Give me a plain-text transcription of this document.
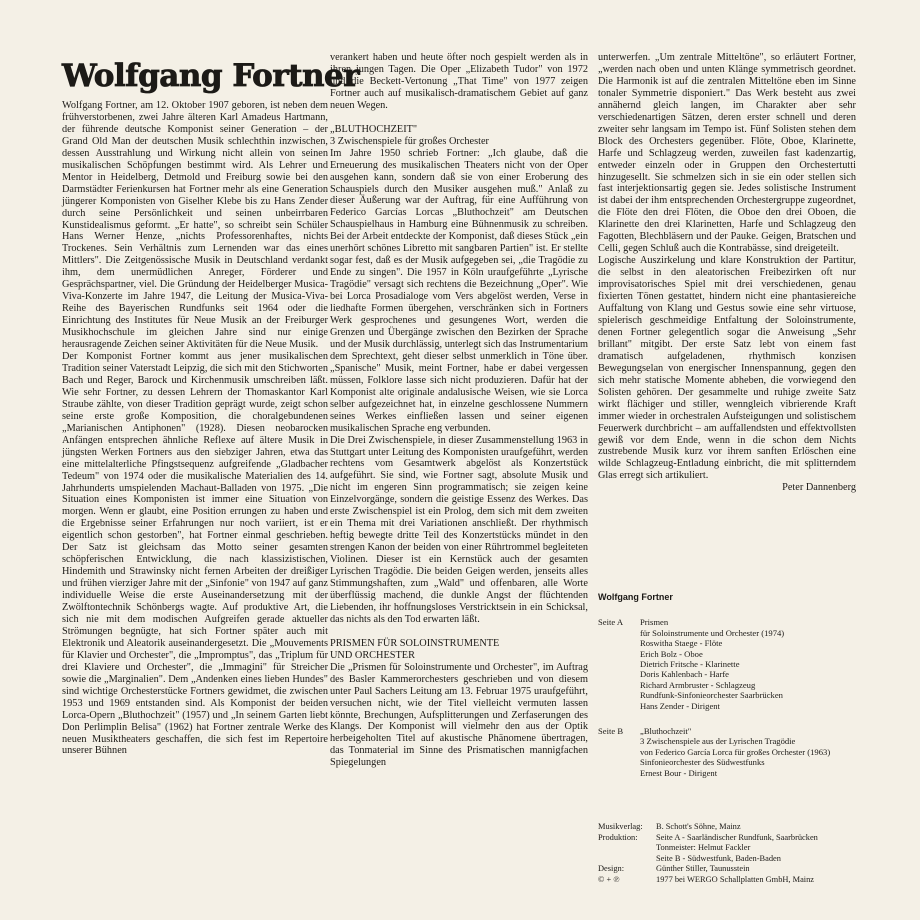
Wolfgang Fortner

Wolfgang Fortner, am 12. Oktober 1907 geboren, ist neben dem frühverstorbenen, zwei Jahre älteren Karl Amadeus Hartmann, der führende deutsche Komponist seiner Generation – der Grand Old Man der deutschen Musik schlechthin inzwischen, dessen Ausstrahlung und Wirkung nicht allein von seinen musikalischen Schöpfungen bestimmt wird. Als Lehrer und Mentor in Heidelberg, Detmold und Freiburg sowie bei den Darmstädter Ferienkursen hat Fortner mehr als eine Generation jüngerer Komponisten von Giselher Klebe bis zu Hans Zender durch seine Persönlichkeit und seinen unbeirrbaren Kunstidealismus geformt. „Er hatte", so schreibt sein Schüler Hans Werner Henze, „nichts Professorenhaftes, nichts Trockenes. Sein Verhältnis zum Lernenden war das eines Mittlers". Die Zeitgenössische Musik in Deutschland verdankt ihm, dem unermüdlichen Anreger, Förderer und Gesprächspartner, viel. Die Gründung der Heidelberger Musica-Viva-Konzerte im Jahre 1947, die Leitung der Musica-Viva-Reihe des Bayerischen Rundfunks seit 1964 oder die Einrichtung des Institutes für Neue Musik an der Freiburger Musikhochschule im gleichen Jahre sind nur einige herausragende Zeichen seiner Aktivitäten für die Neue Musik.

Der Komponist Fortner kommt aus jener musikalischen Tradition seiner Vaterstadt Leipzig, die sich mit den Stichworten Bach und Reger, Barock und Kirchenmusik umschreiben läßt. Wie sehr Fortner, zu dessen Lehrern der Thomaskantor Karl Straube zählte, von dieser Tradition geprägt wurde, zeigt schon seine erste große Komposition, die choralgebundenen „Marianischen Antiphonen" (1928). Diesen neobarocken Anfängen entsprechen ähnliche Reflexe auf ältere Musik in jüngsten Werken Fortners aus den siebziger Jahren, etwa das eine mittelalterliche Pfingstsequenz aufgreifende „Gladbacher Tedeum" von 1974 oder die musikalische Materialien des 14. Jahrhunderts umspielenden Machaut-Balladen von 1975. „Die Situation eines Komponisten ist immer eine Situation von morgen. Wenn er glaubt, eine Position errungen zu haben und die Ergebnisse seiner Erfahrungen nur noch variiert, ist er eigentlich schon gestorben", hat Fortner einmal geschrieben. Der Satz ist gleichsam das Motto seiner gesamten schöpferischen Entwicklung, die nach klassizistischen, Hindemith und Strawinsky nicht fernen Arbeiten der dreißiger und frühen vierziger Jahre mit der „Sinfonie" von 1947 auf ganz individuelle Weise die erste Auseinandersetzung mit der Zwölftontechnik Schönbergs wagte. Auf produktive Art, die sich nie mit dem modischen Aufgreifen gerade aktueller Strömungen begnügte, hat sich Fortner später auch mit Elektronik und Aleatorik auseinandergesetzt. Die „Mouvements für Klavier und Orchester", die „Impromptus", das „Triplum für drei Klaviere und Orchester", die „Immagini" für Streicher sowie die „Marginalien". Dem „Andenken eines lieben Hundes" sind wichtige Orchesterstücke Fortners gewidmet, die zwischen 1953 und 1969 entstanden sind. Als Komponist der beiden Lorca-Opern „Bluthochzeit" (1957) und „In seinem Garten liebt Don Perlimplin Belisa" (1962) hat Fortner zentrale Werke des neuen Musiktheaters geschaffen, die sich fest im Repertoire unserer Bühnen

verankert haben und heute öfter noch gespielt werden als in ihren jungen Tagen. Die Oper „Elizabeth Tudor" von 1972 und die Beckett-Vertonung „That Time" von 1977 zeigen Fortner auch auf musikalisch-dramatischem Gebiet auf ganz neuen Wegen.

„BLUTHOCHZEIT"

3 Zwischenspiele für großes Orchester

Im Jahre 1950 schrieb Fortner: „Ich glaube, daß die Erneuerung des musikalischen Theaters nicht von der Oper ausgehen kann, sondern daß sie von einer Eroberung des Schauspiels durch den Musiker ausgehen muß." Anlaß zu dieser Äußerung war der Auftrag, für eine Aufführung von Federico Garcías Lorcas „Bluthochzeit" am Deutschen Schauspielhaus in Hamburg eine Bühnenmusik zu schreiben. Bei der Arbeit entdeckte der Komponist, daß dieses Stück „ein unerhört schönes Libretto mit sangbaren Partien" ist. Er stellte sogar fest, daß es der Musik aufgegeben sei, „die Tragödie zu Ende zu singen". Die 1957 in Köln uraufgeführte „Lyrische Tragödie" versagt sich rechtens die Bezeichnung „Oper". Wie bei Lorca Prosadialoge vom Vers abgelöst werden, Verse in liedhafte Formen übergehen, verschränken sich in Fortners Werk gesprochenes und gesungenes Wort, werden die Grenzen und Übergänge zwischen den Bezirken der Sprache und der Musik durchlässig, unterlegt sich das Instrumentarium dem Sprechtext, geht dieser selbst unmerklich in Töne über. „Spanische" Musik, meint Fortner, habe er dabei vergessen müssen, Folklore lasse sich nicht produzieren. Dafür hat der Komponist alte originale andalusische Weisen, wie sie Lorca selber aufgezeichnet hat, in einzelne geschlossene Nummern seines Werkes einfließen lassen und seiner eigenen musikalischen Sprache eng verbunden.

Die Drei Zwischenspiele, in dieser Zusammenstellung 1963 in Stuttgart unter Leitung des Komponisten uraufgeführt, werden rechtens vom Gesamtwerk abgelöst als Konzertstück aufgeführt. Sie sind, wie Fortner sagt, absolute Musik und nicht im engeren Sinn programmatisch; sie zeigen keine Einzelvorgänge, sondern die geistige Essenz des Werkes. Das erste Zwischenspiel ist ein Prolog, dem sich mit dem zweiten ein Thema mit drei Variationen anschließt. Der rhythmisch heftig bewegte dritte Teil des Konzertstücks mündet in den strengen Kanon der beiden von einer Rührtrommel begleiteten Violinen. Dieser ist ein Kernstück auch der gesamten Lyrischen Tragödie. Die beiden Geigen werden, jenseits alles Stimmungshaften, zum „Wald" und offenbaren, alle Worte überflüssig machend, die dunkle Angst der flüchtenden Liebenden, ihr hoffnungsloses Verstricktsein in ein Schicksal, das nichts als den Tod erwarten läßt.

PRISMEN FÜR SOLOINSTRUMENTE

UND ORCHESTER

Die „Prismen für Soloinstrumente und Orchester", im Auftrag des Basler Kammerorchesters geschrieben und von diesem unter Paul Sachers Leitung am 13. Februar 1975 uraufgeführt, versuchen nicht, wie der Titel vielleicht vermuten lassen könnte, Brechungen, Aufsplitterungen und Zerfaserungen des Klangs. Der Komponist will vielmehr den aus der Optik herbeigeholten Titel auf akustische Phänomene übertragen, das Tonmaterial im Sinne des Prismatischen mannigfachen Spiegelungen

unterwerfen. „Um zentrale Mitteltöne", so erläutert Fortner, „werden nach oben und unten Klänge symmetrisch geordnet. Die Harmonik ist auf die zentralen Mitteltöne eben im Sinne tonaler Symmetrie disponiert." Das Werk besteht aus zwei annähernd gleich langen, im Charakter aber sehr verschiedenartigen Sätzen, deren erster schnell und deren zweiter sehr langsam im Tempo ist. Fünf Solisten stehen dem Block des Orchesters gegenüber. Flöte, Oboe, Klarinette, Harfe und Schlagzeug werden, zuweilen fast kadenzartig, entweder einzeln oder in Gruppen den Orchestertutti hinzugesellt. Sie schmelzen sich in sie ein oder stellen sich fast interjektionsartig gegen sie. Jedes solistische Instrument ist dabei der ihm entsprechenden Orchestergruppe zugeordnet, die Flöte den drei Flöten, die Oboe den drei Oboen, die Klarinette den drei Klarinetten, Harfe und Schlagzeug den Fagotten, Blechbläsern und der Pauke. Geigen, Bratschen und Celli, gegen Schluß auch die Kontrabässe, sind dreigeteilt.

Logische Auszirkelung und klare Konstruktion der Partitur, die selbst in den aleatorischen Freibezirken oft nur improvisatorisches Spiel mit drei verschiedenen, genau fixierten Tönen gestattet, hindern nicht eine phantasiereiche Auffaltung von Klang und Gestus sowie eine sehr virtuose, spielerisch geschmeidige Entfaltung der Soloinstrumente, denen Fortner gelegentlich sogar die Anweisung „Sehr brillant" mitgibt. Der erste Satz lebt von einem fast dramatisch aufgeladenen, rhythmisch konzisen Bewegungselan von energischer Innenspannung, gegen den sich mehr statische Momente abheben, die vorwiegend den Solisten gehören. Der gesammelte und ruhige zweite Satz wirkt flächiger und stiller, wenngleich vibrierende Kraft immer wieder in orchestralen Aufsteigungen und solistischem Feuerwerk durchbricht – am auffallendsten und effektvollsten gewiß vor dem Ende, wenn in die schon dem Nichts zustrebende Musik kurz vor ihrem sanften Erlöschen eine wilde Schlagzeug-Entladung einbricht, die mit splitterndem Glas erregt sich artikuliert.

Peter Dannenberg

Wolfgang Fortner
Seite A	Prismen
für Soloinstrumente und Orchester (1974)
Roswitha Staege - Flöte
Erich Bolz - Oboe
Dietrich Fritsche - Klarinette
Doris Kahlenbach - Harfe
Richard Armbruster - Schlagzeug
Rundfunk-Sinfonieorchester Saarbrücken
Hans Zender - Dirigent
Seite B	„Bluthochzeit"
3 Zwischenspiele aus der Lyrischen Tragödie
von Federico García Lorca für großes Orchester (1963)
Sinfonieorchester des Südwestfunks
Ernest Bour - Dirigent
Musikverlag:	B. Schott's Söhne, Mainz
Produktion:	Seite A - Saarländischer Rundfunk, Saarbrücken
Tonmeister: Helmut Fackler
Seite B - Südwestfunk, Baden-Baden
Design:	Günther Stiller, Taunusstein
© + ℗	1977 bei WERGO Schallplatten GmbH, Mainz
